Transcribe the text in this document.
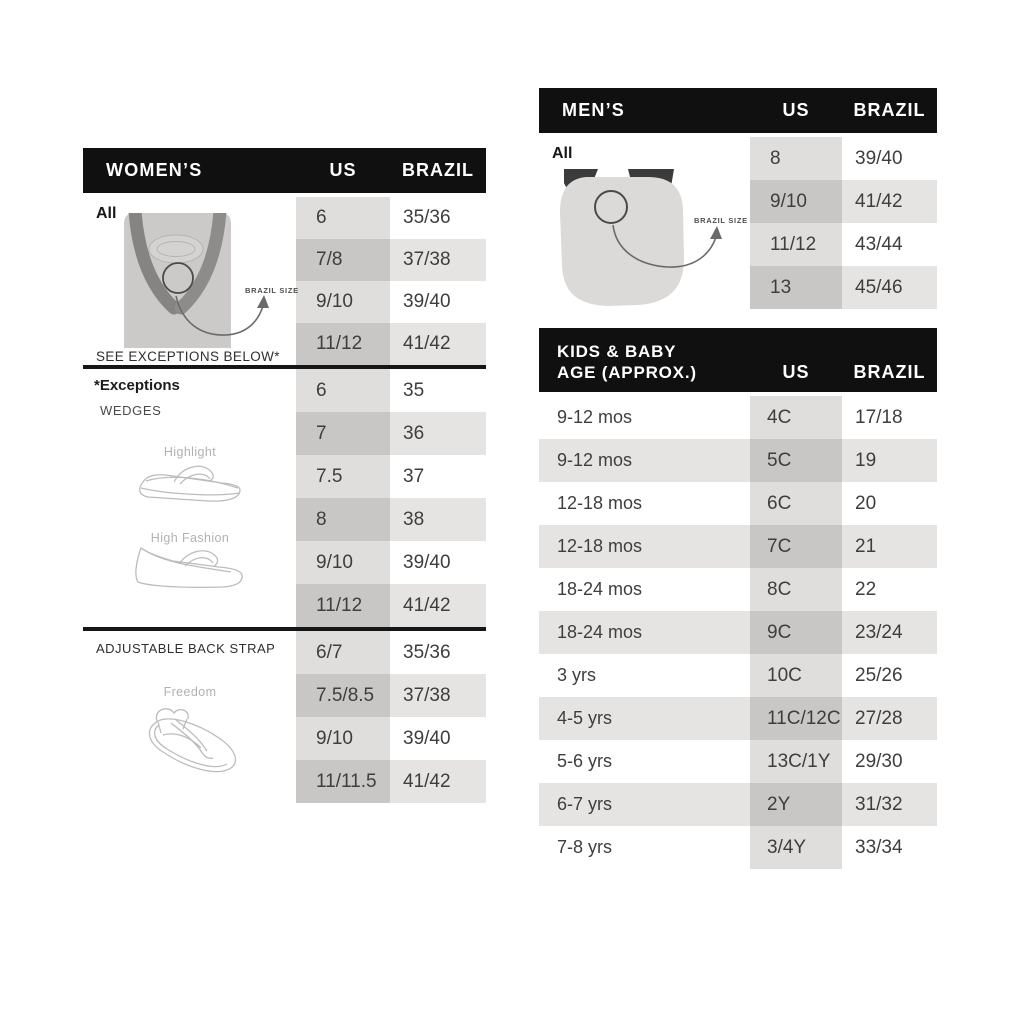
WOMEN’S	US	BRAZIL
All
BRAZIL SIZE
SEE EXCEPTIONS BELOW*
6	35/36
7/8	37/38
9/10	39/40
11/12	41/42
*Exceptions
WEDGES
Highlight
High Fashion
6	35
7	36
7.5	37
8	38
9/10	39/40
11/12	41/42
ADJUSTABLE BACK STRAP
Freedom
6/7	35/36
7.5/8.5	37/38
9/10	39/40
11/11.5	41/42
MEN’S	US	BRAZIL
All
BRAZIL SIZE
8	39/40
9/10	41/42
11/12	43/44
13	45/46
KIDS & BABY
AGE (APPROX.)	US	BRAZIL
9-12 mos	4C	17/18
9-12 mos	5C	19
12-18 mos	6C	20
12-18 mos	7C	21
18-24 mos	8C	22
18-24 mos	9C	23/24
3 yrs	10C	25/26
4-5 yrs	11C/12C 27/28
5-6 yrs	13C/1Y	29/30
6-7 yrs	2Y	31/32
7-8 yrs	3/4Y	33/34
